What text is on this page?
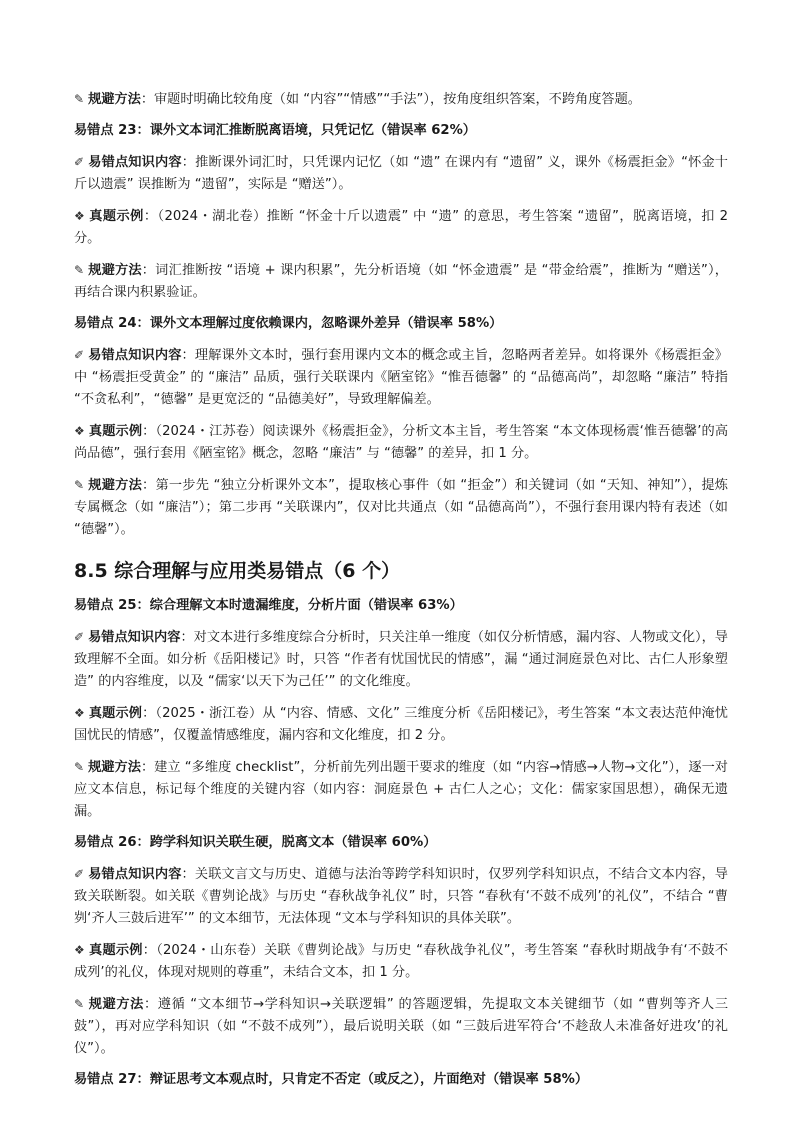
✎ 规避方法：审题时明确比较角度（如 “内容”“情感”“手法”），按角度组织答案，不跨角度答题。

易错点 23：课外文本词汇推断脱离语境，只凭记忆（错误率 62%）

✐ 易错点知识内容：推断课外词汇时，只凭课内记忆（如 “遗” 在课内有 “遗留” 义，课外《杨震拒金》“怀金十斤以遗震” 误推断为 “遗留”，实际是 “赠送”）。

❖ 真题示例：（2024・湖北卷）推断 “怀金十斤以遗震” 中 “遗” 的意思，考生答案 “遗留”，脱离语境，扣 2 分。

✎ 规避方法：词汇推断按 “语境 + 课内积累”，先分析语境（如 “怀金遗震” 是 “带金给震”，推断为 “赠送”），再结合课内积累验证。

易错点 24：课外文本理解过度依赖课内，忽略课外差异（错误率 58%）

✐ 易错点知识内容：理解课外文本时，强行套用课内文本的概念或主旨，忽略两者差异。如将课外《杨震拒金》中 “杨震拒受黄金” 的 “廉洁” 品质，强行关联课内《陋室铭》“惟吾德馨” 的 “品德高尚”，却忽略 “廉洁” 特指 “不贪私利”，“德馨” 是更宽泛的 “品德美好”，导致理解偏差。

❖ 真题示例：（2024・江苏卷）阅读课外《杨震拒金》，分析文本主旨，考生答案 “本文体现杨震‘惟吾德馨’的高尚品德”，强行套用《陋室铭》概念，忽略 “廉洁” 与 “德馨” 的差异，扣 1 分。

✎ 规避方法：第一步先 “独立分析课外文本”，提取核心事件（如 “拒金”）和关键词（如 “天知、神知”），提炼专属概念（如 “廉洁”）；第二步再 “关联课内”，仅对比共通点（如 “品德高尚”），不强行套用课内特有表述（如 “德馨”）。

8.5 综合理解与应用类易错点（6 个）
易错点 25：综合理解文本时遗漏维度，分析片面（错误率 63%）

✐ 易错点知识内容：对文本进行多维度综合分析时，只关注单一维度（如仅分析情感，漏内容、人物或文化），导致理解不全面。如分析《岳阳楼记》时，只答 “作者有忧国忧民的情感”，漏 “通过洞庭景色对比、古仁人形象塑造” 的内容维度，以及 “儒家‘以天下为己任’” 的文化维度。

❖ 真题示例：（2025・浙江卷）从 “内容、情感、文化” 三维度分析《岳阳楼记》，考生答案 “本文表达范仲淹忧国忧民的情感”，仅覆盖情感维度，漏内容和文化维度，扣 2 分。

✎ 规避方法：建立 “多维度 checklist”，分析前先列出题干要求的维度（如 “内容→情感→人物→文化”），逐一对应文本信息，标记每个维度的关键内容（如内容：洞庭景色 + 古仁人之心；文化：儒家家国思想），确保无遗漏。

易错点 26：跨学科知识关联生硬，脱离文本（错误率 60%）

✐ 易错点知识内容：关联文言文与历史、道德与法治等跨学科知识时，仅罗列学科知识点，不结合文本内容，导致关联断裂。如关联《曹刿论战》与历史 “春秋战争礼仪” 时，只答 “春秋有‘不鼓不成列’的礼仪”，不结合 “曹刿‘齐人三鼓后进军’” 的文本细节，无法体现 “文本与学科知识的具体关联”。

❖ 真题示例：（2024・山东卷）关联《曹刿论战》与历史 “春秋战争礼仪”，考生答案 “春秋时期战争有‘不鼓不成列’的礼仪，体现对规则的尊重”，未结合文本，扣 1 分。

✎ 规避方法：遵循 “文本细节→学科知识→关联逻辑” 的答题逻辑，先提取文本关键细节（如 “曹刿等齐人三鼓”），再对应学科知识（如 “不鼓不成列”），最后说明关联（如 “三鼓后进军符合‘不趁敌人未准备好进攻’的礼仪”）。

易错点 27：辩证思考文本观点时，只肯定不否定（或反之），片面绝对（错误率 58%）
